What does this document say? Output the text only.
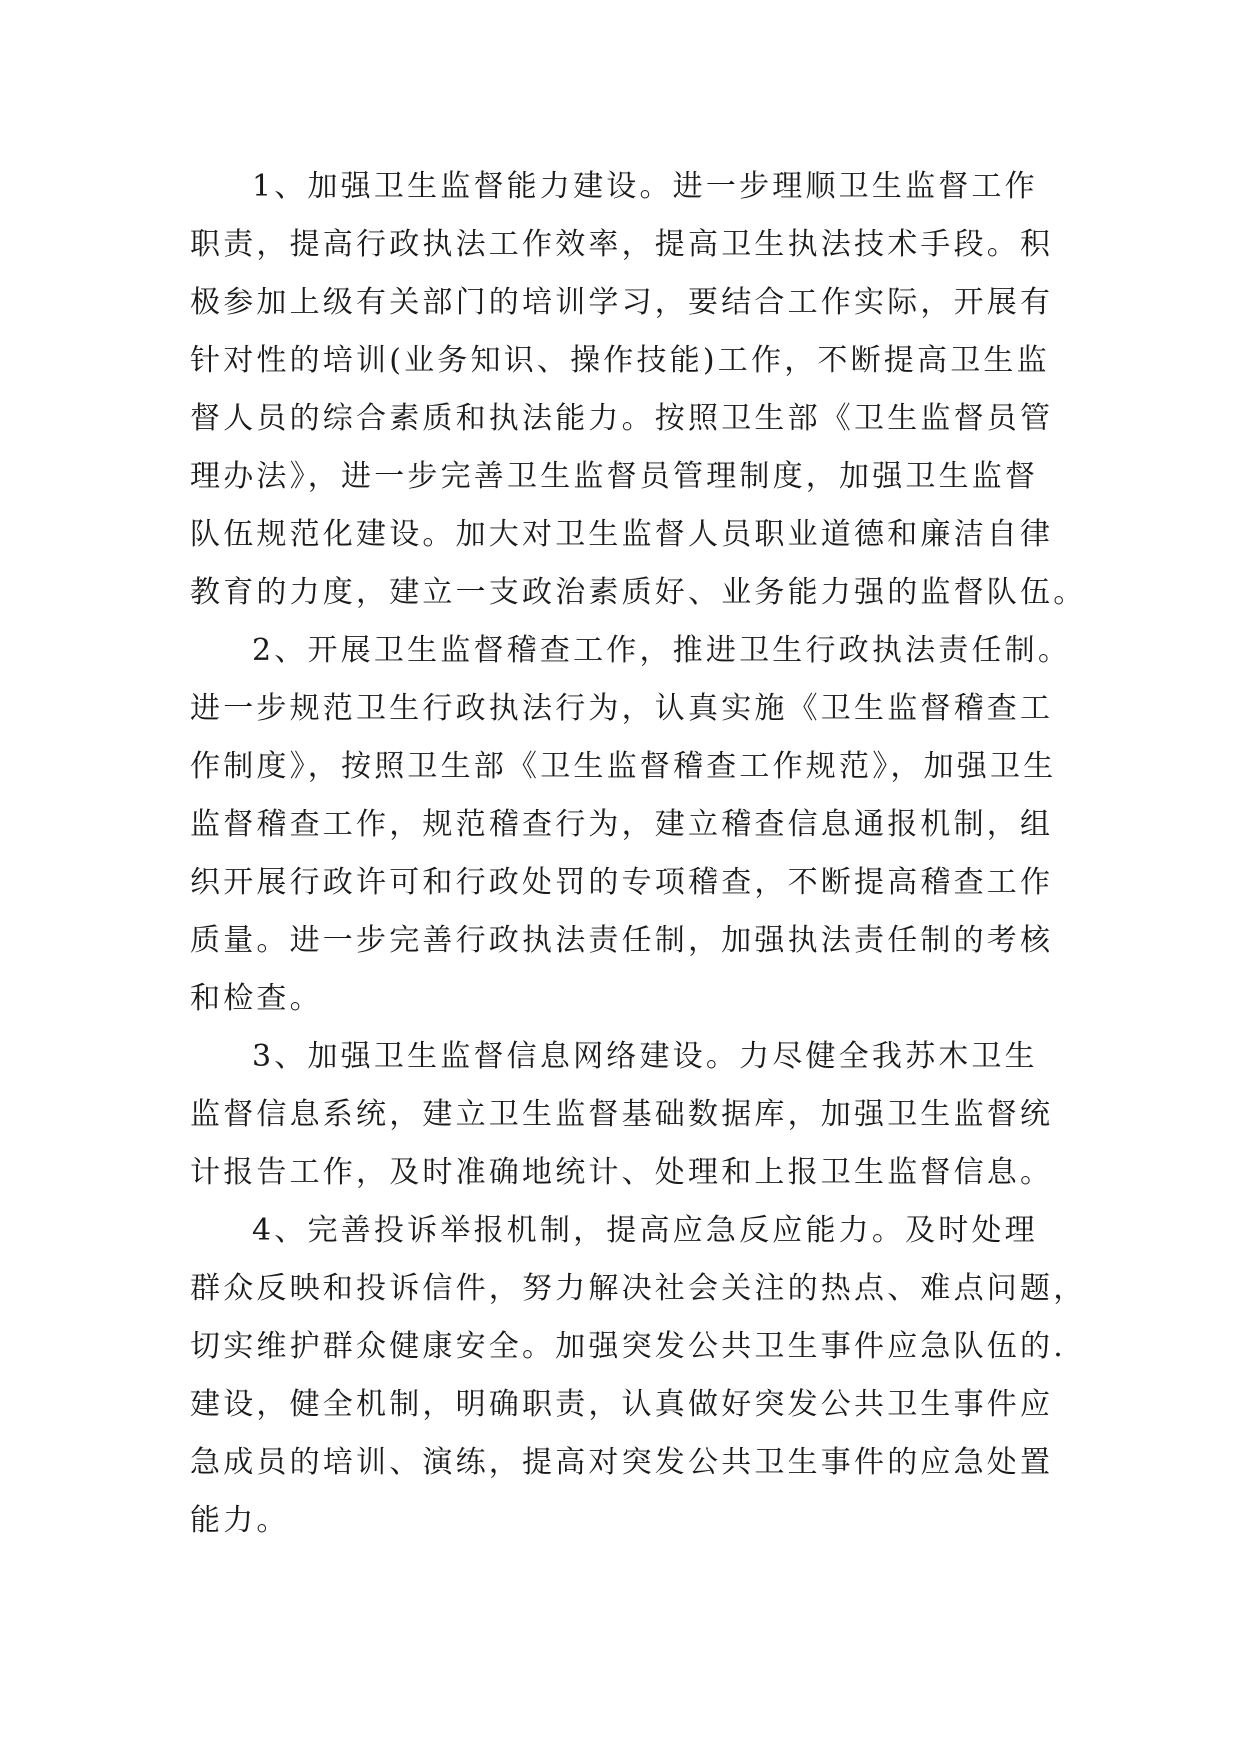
1、加强卫生监督能力建设。进一步理顺卫生监督工作
职责，提高行政执法工作效率，提高卫生执法技术手段。积
极参加上级有关部门的培训学习，要结合工作实际，开展有
针对性的培训(业务知识、操作技能)工作，不断提高卫生监
督人员的综合素质和执法能力。按照卫生部《卫生监督员管
理办法》，进一步完善卫生监督员管理制度，加强卫生监督
队伍规范化建设。加大对卫生监督人员职业道德和廉洁自律
教育的力度，建立一支政治素质好、业务能力强的监督队伍。
2、开展卫生监督稽查工作，推进卫生行政执法责任制。
进一步规范卫生行政执法行为，认真实施《卫生监督稽查工
作制度》，按照卫生部《卫生监督稽查工作规范》，加强卫生
监督稽查工作，规范稽查行为，建立稽查信息通报机制，组
织开展行政许可和行政处罚的专项稽查，不断提高稽查工作
质量。进一步完善行政执法责任制，加强执法责任制的考核
和检查。
3、加强卫生监督信息网络建设。力尽健全我苏木卫生
监督信息系统，建立卫生监督基础数据库，加强卫生监督统
计报告工作，及时准确地统计、处理和上报卫生监督信息。
4、完善投诉举报机制，提高应急反应能力。及时处理
群众反映和投诉信件，努力解决社会关注的热点、难点问题，
切实维护群众健康安全。加强突发公共卫生事件应急队伍的.
建设，健全机制，明确职责，认真做好突发公共卫生事件应
急成员的培训、演练，提高对突发公共卫生事件的应急处置
能力。
